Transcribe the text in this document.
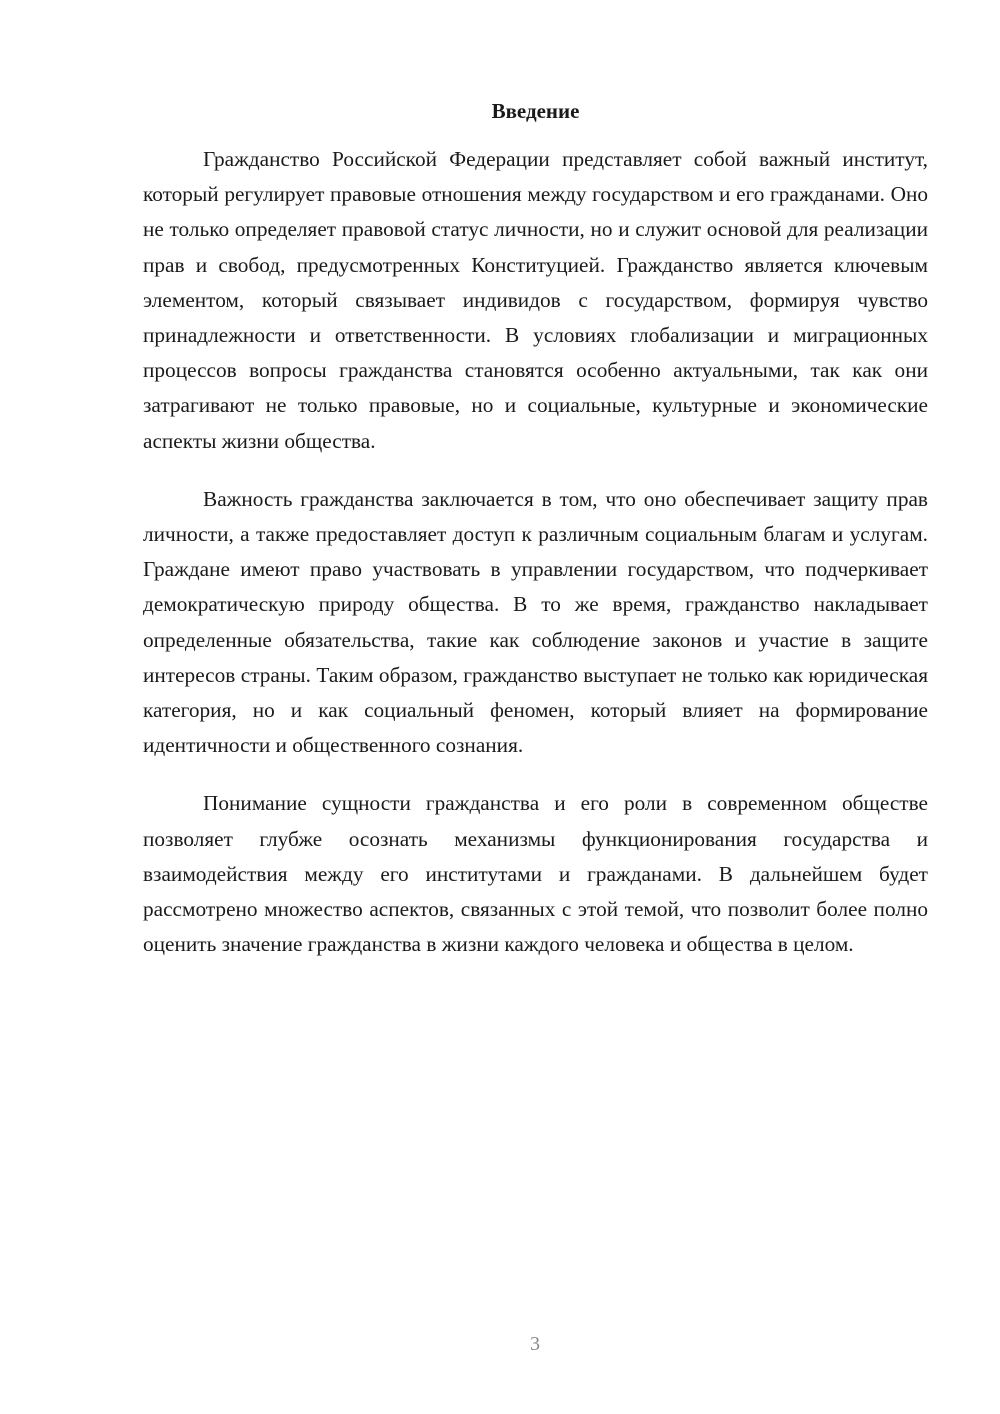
Введение

Гражданство Российской Федерации представляет собой важный институт, который регулирует правовые отношения между государством и его гражданами. Оно не только определяет правовой статус личности, но и служит основой для реализации прав и свобод, предусмотренных Конституцией. Гражданство является ключевым элементом, который связывает индивидов с государством, формируя чувство принадлежности и ответственности. В условиях глобализации и миграционных процессов вопросы гражданства становятся особенно актуальными, так как они затрагивают не только правовые, но и социальные, культурные и экономические аспекты жизни общества.

Важность гражданства заключается в том, что оно обеспечивает защиту прав личности, а также предоставляет доступ к различным социальным благам и услугам. Граждане имеют право участвовать в управлении государством, что подчеркивает демократическую природу общества. В то же время, гражданство накладывает определенные обязательства, такие как соблюдение законов и участие в защите интересов страны. Таким образом, гражданство выступает не только как юридическая категория, но и как социальный феномен, который влияет на формирование идентичности и общественного сознания.

Понимание сущности гражданства и его роли в современном обществе позволяет глубже осознать механизмы функционирования государства и взаимодействия между его институтами и гражданами. В дальнейшем будет рассмотрено множество аспектов, связанных с этой темой, что позволит более полно оценить значение гражданства в жизни каждого человека и общества в целом.

3
